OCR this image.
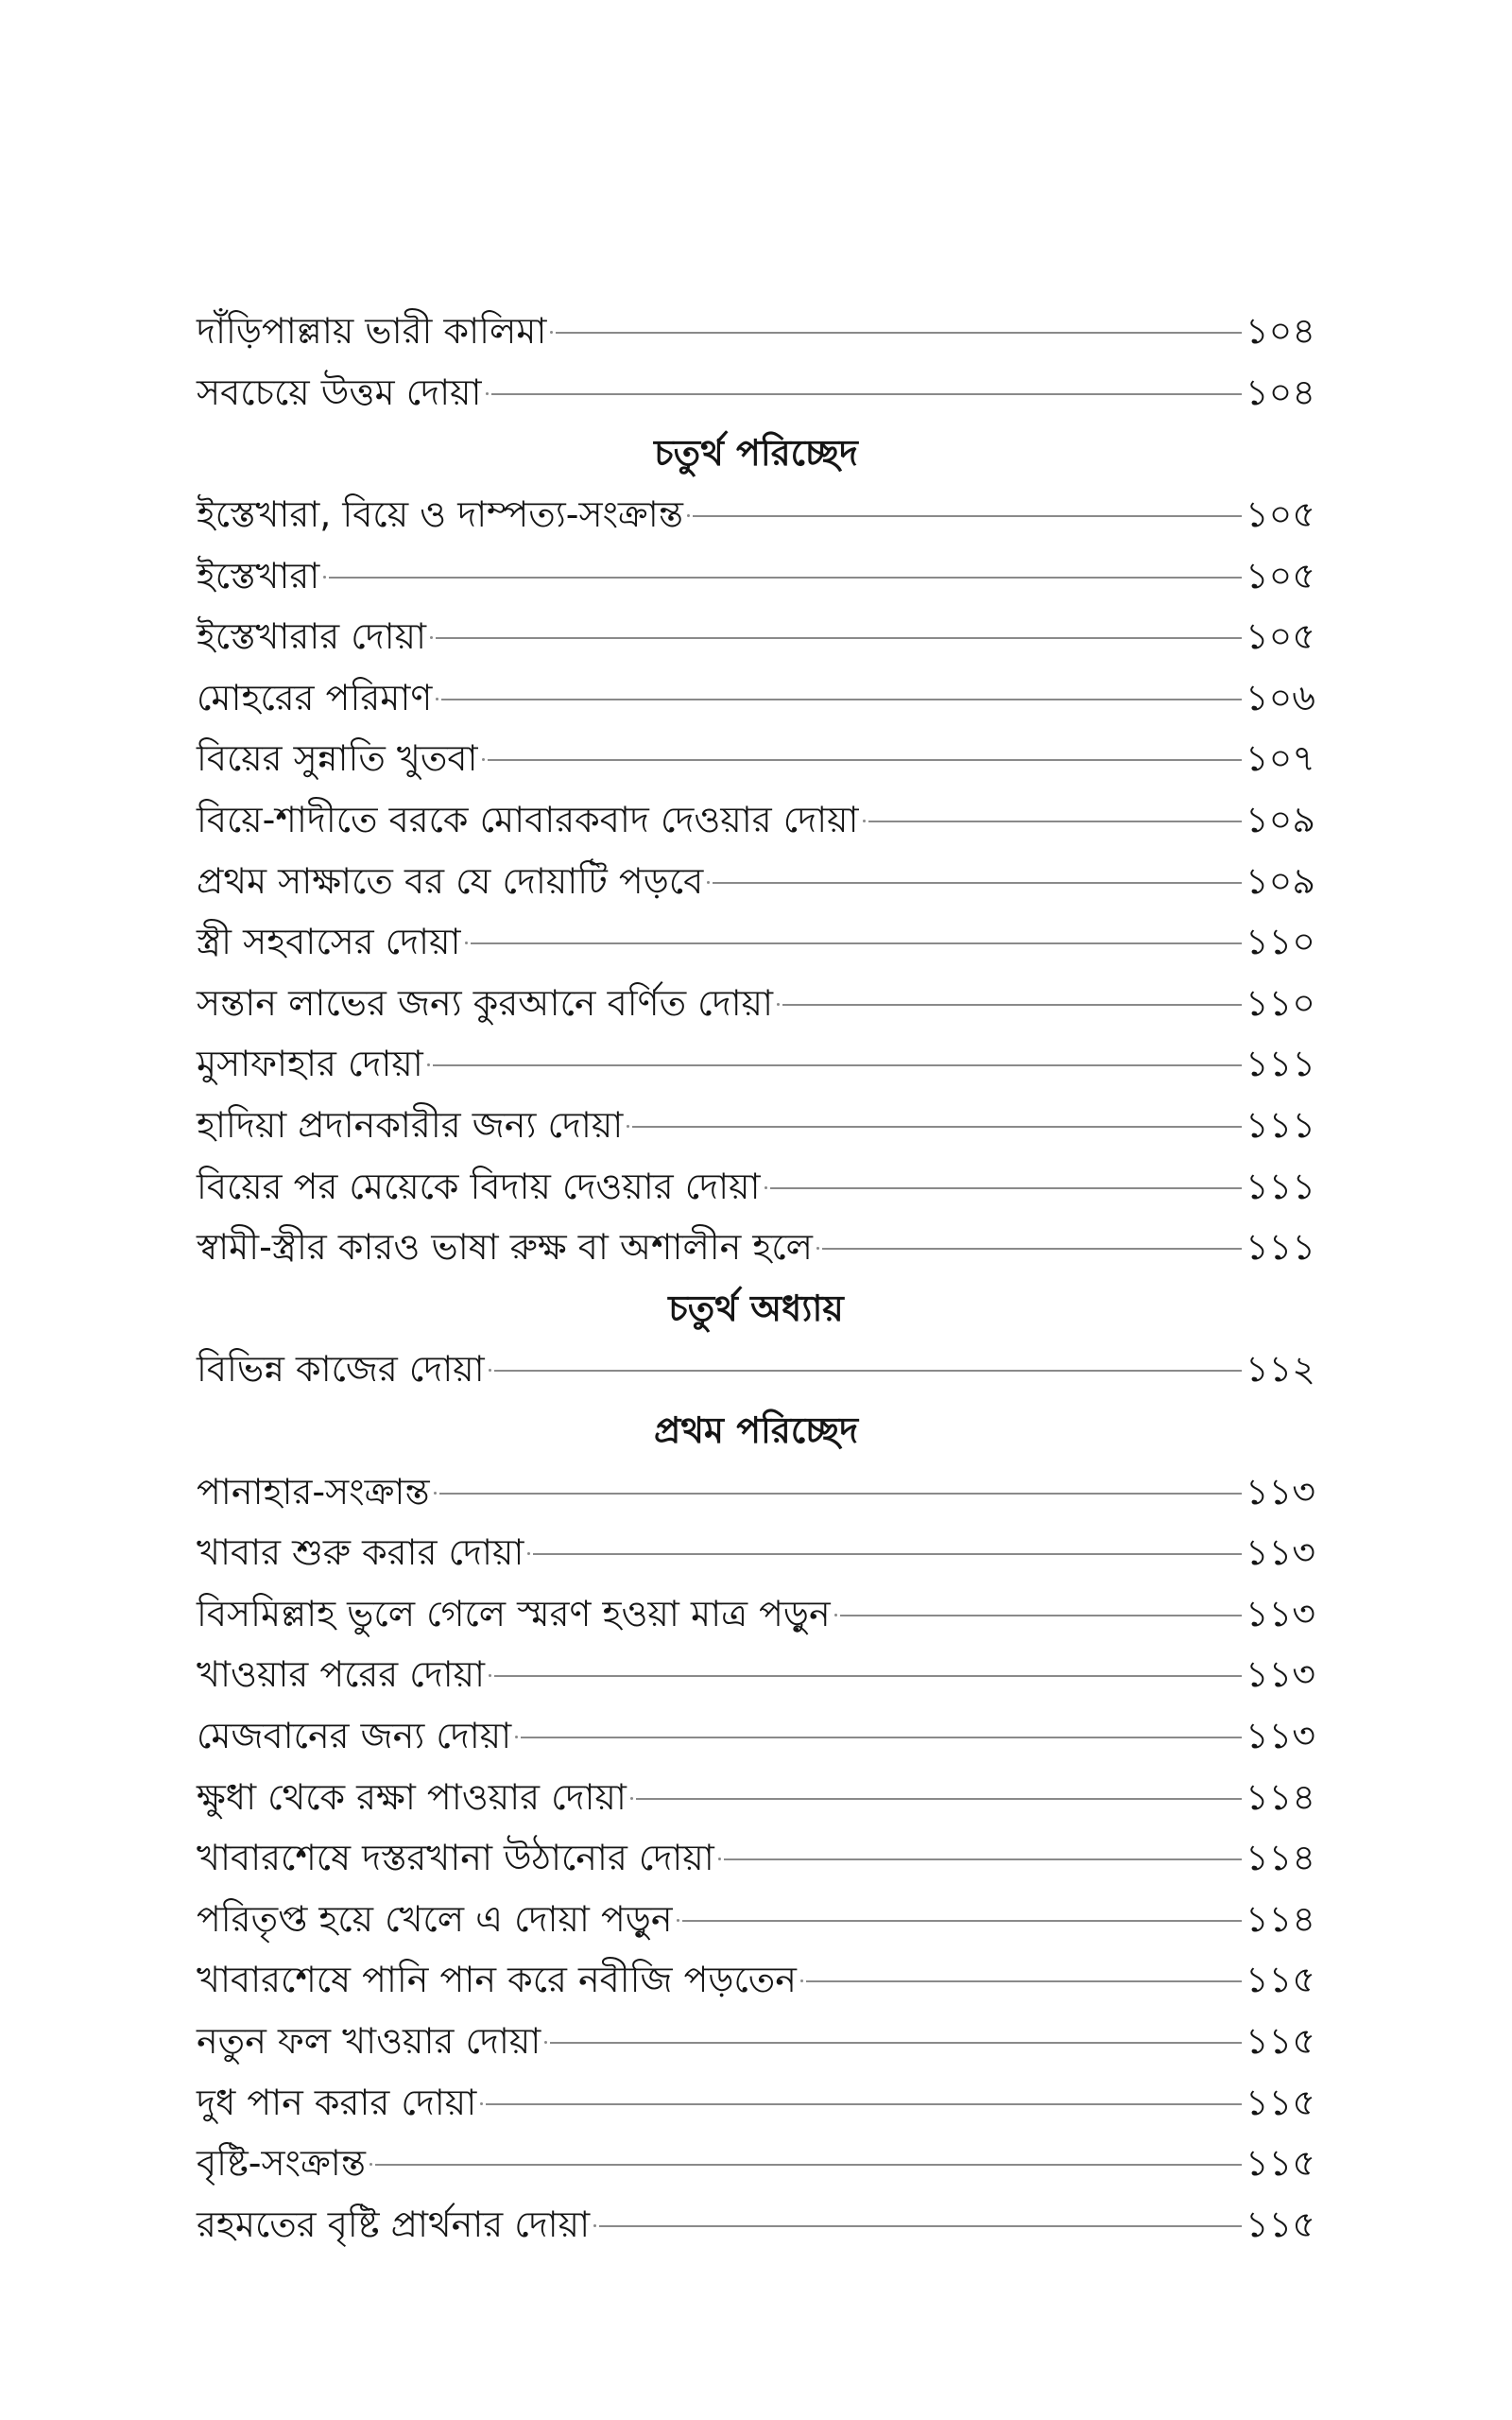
দাঁড়িপাল্লায় ভারী কালিমা	১০৪
সবচেয়ে উত্তম দোয়া	১০৪
চতুর্থ পরিচ্ছেদ
ইস্তেখারা, বিয়ে ও দাম্পত্য-সংক্রান্ত	১০৫
ইস্তেখারা	১০৫
ইস্তেখারার দোয়া	১০৫
মোহরের পরিমাণ	১০৬
বিয়ের সুন্নাতি খুতবা	১০৭
বিয়ে-শাদীতে বরকে মোবারকবাদ দেওয়ার দোয়া	১০৯
প্রথম সাক্ষাতে বর যে দোয়াটি পড়বে	১০৯
স্ত্রী সহবাসের দোয়া	১১০
সন্তান লাভের জন্য কুরআনে বর্ণিত দোয়া	১১০
মুসাফাহার দোয়া	১১১
হাদিয়া প্রদানকারীর জন্য দোয়া	১১১
বিয়ের পর মেয়েকে বিদায় দেওয়ার দোয়া	১১১
স্বামী-স্ত্রীর কারও ভাষা রুক্ষ বা অশালীন হলে	১১১
চতুর্থ অধ্যায়
বিভিন্ন কাজের দোয়া	১১২
প্রথম পরিচ্ছেদ
পানাহার-সংক্রান্ত	১১৩
খাবার শুরু করার দোয়া	১১৩
বিসমিল্লাহ ভুলে গেলে স্মরণ হওয়া মাত্র পড়ুন	১১৩
খাওয়ার পরের দোয়া	১১৩
মেজবানের জন্য দোয়া	১১৩
ক্ষুধা থেকে রক্ষা পাওয়ার দোয়া	১১৪
খাবারশেষে দস্তরখানা উঠানোর দোয়া	১১৪
পরিতৃপ্ত হয়ে খেলে এ দোয়া পড়ুন	১১৪
খাবারশেষে পানি পান করে নবীজি পড়তেন	১১৫
নতুন ফল খাওয়ার দোয়া	১১৫
দুধ পান করার দোয়া	১১৫
বৃষ্টি-সংক্রান্ত	১১৫
রহমতের বৃষ্টি প্রার্থনার দোয়া	১১৫
